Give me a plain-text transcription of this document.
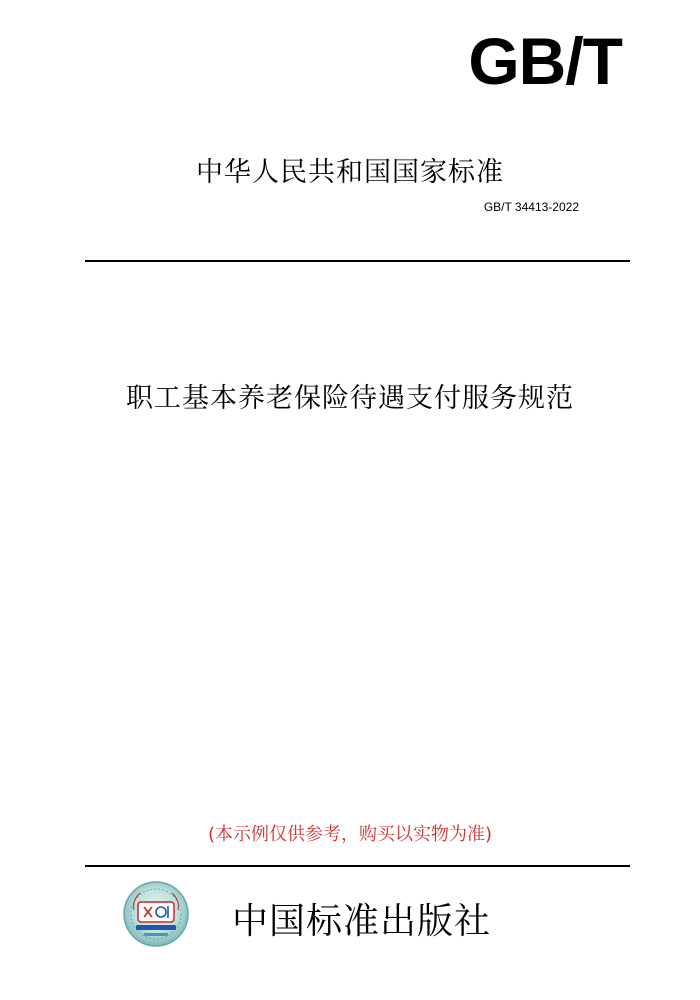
GB/T
中华人民共和国国家标准
GB/T 34413-2022
职工基本养老保险待遇支付服务规范
(本示例仅供参考，购买以实物为准)
中国标准出版社
